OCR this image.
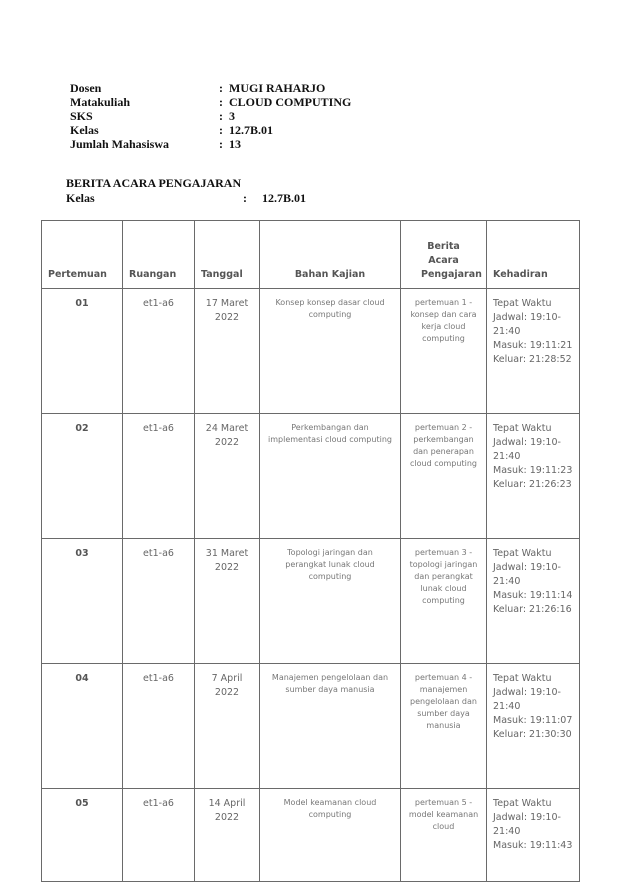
Dosen	: MUGI RAHARJO
Matakuliah	: CLOUD COMPUTING
SKS	: 3
Kelas	: 12.7B.01
Jumlah Mahasiswa	: 13
BERITA ACARA PENGAJARAN
Kelas	:	12.7B.01
Pertemuan	Ruangan	Tanggal	Bahan Kajian	Berita Acara Pengajaran	Kehadiran
01	et1-a6	17 Maret 2022	Konsep konsep dasar cloud computing	pertemuan 1 - konsep dan cara kerja cloud computing	Tepat Waktu
Jadwal: 19:10-21:40
Masuk: 19:11:21
Keluar: 21:28:52

02	et1-a6	24 Maret 2022	Perkembangan dan implementasi cloud computing	pertemuan 2 - perkembangan dan penerapan cloud computing	Tepat Waktu
Jadwal: 19:10-21:40
Masuk: 19:11:23
Keluar: 21:26:23

03	et1-a6	31 Maret 2022	Topologi jaringan dan perangkat lunak cloud computing	pertemuan 3 - topologi jaringan dan perangkat lunak cloud computing	Tepat Waktu
Jadwal: 19:10-21:40
Masuk: 19:11:14
Keluar: 21:26:16

04	et1-a6	7 April 2022	Manajemen pengelolaan dan sumber daya manusia	pertemuan 4 - manajemen pengelolaan dan sumber daya manusia	Tepat Waktu
Jadwal: 19:10-21:40
Masuk: 19:11:07
Keluar: 21:30:30

05	et1-a6	14 April 2022	Model keamanan cloud computing	pertemuan 5 - model keamanan cloud	Tepat Waktu
Jadwal: 19:10-21:40
Masuk: 19:11:43
